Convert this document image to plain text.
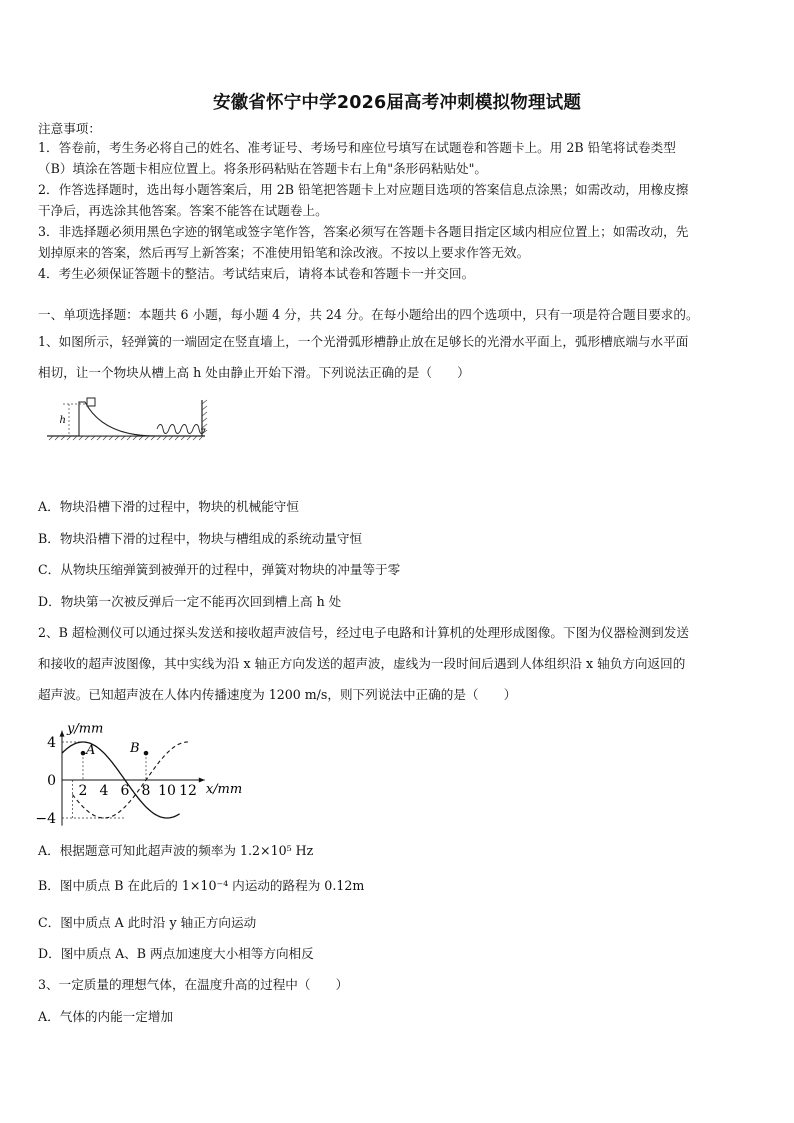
安徽省怀宁中学2026届高考冲刺模拟物理试题
注意事项：
1．答卷前，考生务必将自己的姓名、准考证号、考场号和座位号填写在试题卷和答题卡上。用 2B 铅笔将试卷类型
（B）填涂在答题卡相应位置上。将条形码粘贴在答题卡右上角"条形码粘贴处"。
2．作答选择题时，选出每小题答案后，用 2B 铅笔把答题卡上对应题目选项的答案信息点涂黑；如需改动，用橡皮擦
干净后，再选涂其他答案。答案不能答在试题卷上。
3．非选择题必须用黑色字迹的钢笔或签字笔作答，答案必须写在答题卡各题目指定区域内相应位置上；如需改动，先
划掉原来的答案，然后再写上新答案；不准使用铅笔和涂改液。不按以上要求作答无效。
4．考生必须保证答题卡的整洁。考试结束后，请将本试卷和答题卡一并交回。
一、单项选择题：本题共 6 小题，每小题 4 分，共 24 分。在每小题给出的四个选项中，只有一项是符合题目要求的。
1、如图所示，轻弹簧的一端固定在竖直墙上，一个光滑弧形槽静止放在足够长的光滑水平面上，弧形槽底端与水平面
相切，让一个物块从槽上高 h 处由静止开始下滑。下列说法正确的是（　　）
h
A．物块沿槽下滑的过程中，物块的机械能守恒
B．物块沿槽下滑的过程中，物块与槽组成的系统动量守恒
C．从物块压缩弹簧到被弹开的过程中，弹簧对物块的冲量等于零
D．物块第一次被反弹后一定不能再次回到槽上高 h 处
2、B 超检测仪可以通过探头发送和接收超声波信号，经过电子电路和计算机的处理形成图像。下图为仪器检测到发送
和接收的超声波图像，其中实线为沿 x 轴正方向发送的超声波，虚线为一段时间后遇到人体组织沿 x 轴负方向返回的
超声波。已知超声波在人体内传播速度为 1200 m/s，则下列说法中正确的是（　　）
A	B
y/mm
x/mm
4
0
−4
2 4 6 8 10 12
A．根据题意可知此超声波的频率为 1.2×10⁵ Hz
B．图中质点 B 在此后的 1×10⁻⁴ 内运动的路程为 0.12m
C．图中质点 A 此时沿 y 轴正方向运动
D．图中质点 A、B 两点加速度大小相等方向相反
3、一定质量的理想气体，在温度升高的过程中（　　）
A．气体的内能一定增加
